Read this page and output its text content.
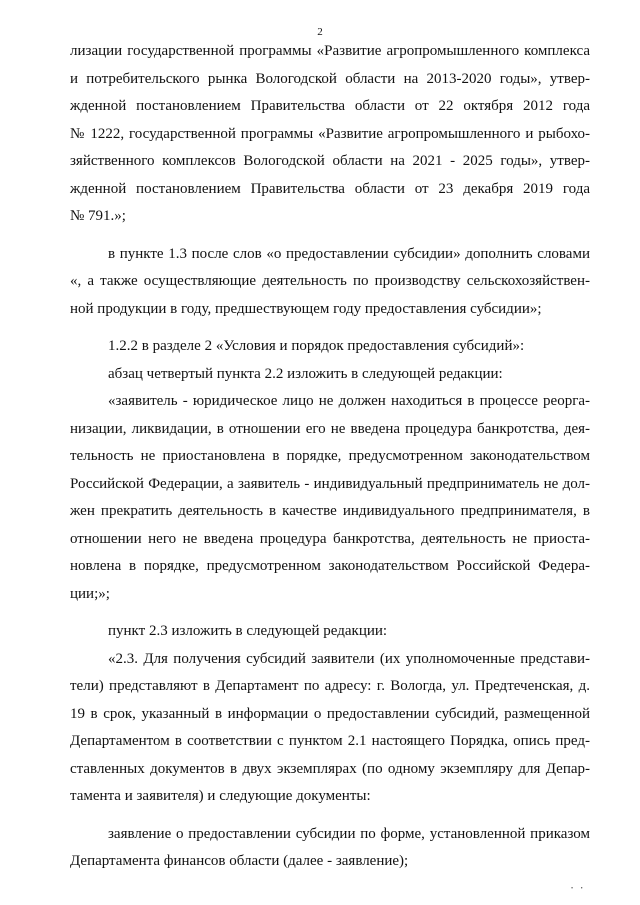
2
лизации государственной программы «Развитие агропромышленного комплекса
и потребительского рынка Вологодской области на 2013-2020 годы», утвер-
жденной постановлением Правительства области от 22 октября 2012 года
№ 1222, государственной программы «Развитие агропромышленного и рыбохо-
зяйственного комплексов Вологодской области на 2021 - 2025 годы», утвер-
жденной постановлением Правительства области от 23 декабря 2019 года
№ 791.»;
в пункте 1.3 после слов «о предоставлении субсидии» дополнить словами
«, а также осуществляющие деятельность по производству сельскохозяйствен-
ной продукции в году, предшествующем году предоставления субсидии»;
1.2.2 в разделе 2 «Условия и порядок предоставления субсидий»:
абзац четвертый пункта 2.2 изложить в следующей редакции:
«заявитель - юридическое лицо не должен находиться в процессе реорга-
низации, ликвидации, в отношении его не введена процедура банкротства, дея-
тельность не приостановлена в порядке, предусмотренном законодательством
Российской Федерации, а заявитель - индивидуальный предприниматель не дол-
жен прекратить деятельность в качестве индивидуального предпринимателя, в
отношении него не введена процедура банкротства, деятельность не приоста-
новлена в порядке, предусмотренном законодательством Российской Федера-
ции;»;
пункт 2.3 изложить в следующей редакции:
«2.3. Для получения субсидий заявители (их уполномоченные представи-
тели) представляют в Департамент по адресу: г. Вологда, ул. Предтеченская, д.
19 в срок, указанный в информации о предоставлении субсидий, размещенной
Департаментом в соответствии с пунктом 2.1 настоящего Порядка, опись пред-
ставленных документов в двух экземплярах (по одному экземпляру для Депар-
тамента и заявителя) и следующие документы:
заявление о предоставлении субсидии по форме, установленной приказом
Департамента финансов области (далее - заявление);
• •
